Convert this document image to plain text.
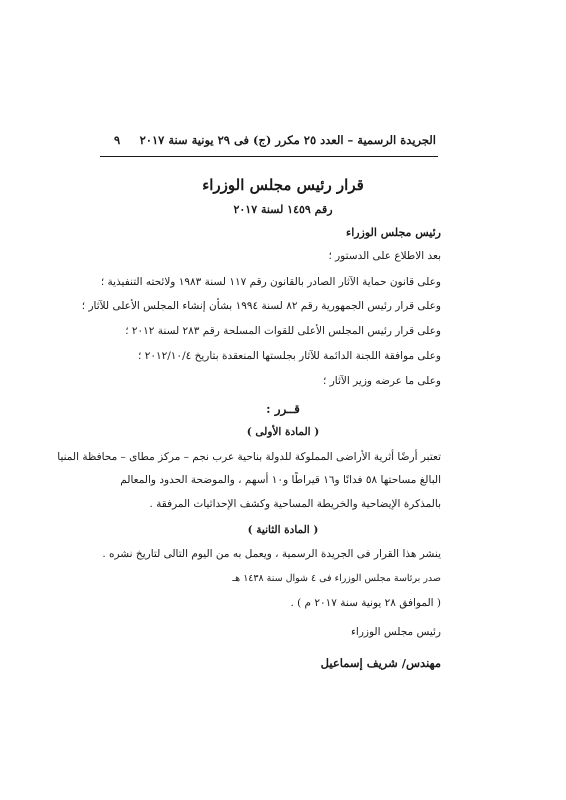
الجريدة الرسمية – العدد ٢٥ مكرر (ج) فى ٢٩ يونية سنة ٢٠١٧
٩
قرار رئيس مجلس الوزراء
رقم ١٤٥٩ لسنة ٢٠١٧
رئيس مجلس الوزراء
بعد الاطلاع على الدستور ؛
وعلى قانون حماية الآثار الصادر بالقانون رقم ١١٧ لسنة ١٩٨٣ ولائحته التنفيذية ؛
وعلى قرار رئيس الجمهورية رقم ٨٢ لسنة ١٩٩٤ بشأن إنشاء المجلس الأعلى للآثار ؛
وعلى قرار رئيس المجلس الأعلى للقوات المسلحة رقم ٢٨٣ لسنة ٢٠١٢ ؛
وعلى موافقة اللجنة الدائمة للآثار بجلستها المنعقدة بتاريخ ٢٠١٢/١٠/٤ ؛
وعلى ما عرضه وزير الآثار ؛
قــرر :
( المادة الأولى )
تعتبر أرضًا أثرية الأراضى المملوكة للدولة بناحية عرب نجم – مركز مطاى – محافظة المنيا
البالغ مساحتها ٥٨ فدانًا و١٦ قيراطًا و١٠ أسهم ، والموضحة الحدود والمعالم
بالمذكرة الإيضاحية والخريطة المساحية وكشف الإحداثيات المرفقة .
( المادة الثانية )
ينشر هذا القرار فى الجريدة الرسمية ، ويعمل به من اليوم التالى لتاريخ نشره .
صدر برئاسة مجلس الوزراء فى ٤ شوال سنة ١٤٣٨ هـ
( الموافق ٢٨ يونية سنة ٢٠١٧ م ) .
رئيس مجلس الوزراء
مهندس/ شريف إسماعيل
